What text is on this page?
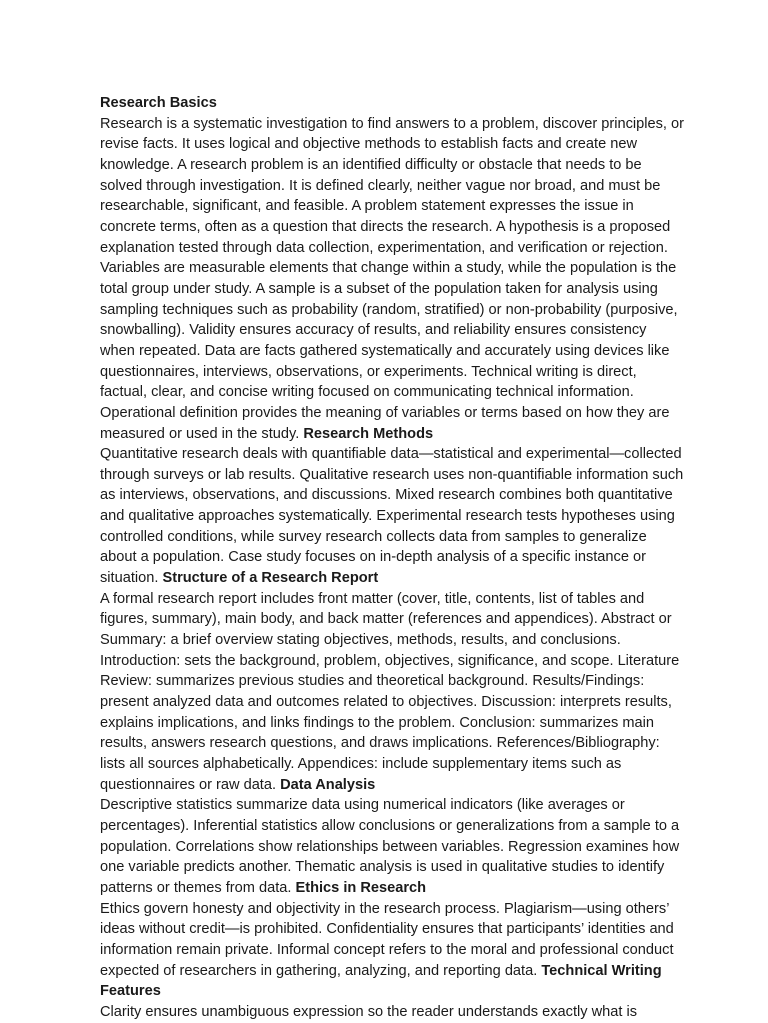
Research Basics
Research is a systematic investigation to find answers to a problem, discover principles, or
revise facts. It uses logical and objective methods to establish facts and create new
knowledge. A research problem is an identified difficulty or obstacle that needs to be
solved through investigation. It is defined clearly, neither vague nor broad, and must be
researchable, significant, and feasible. A problem statement expresses the issue in
concrete terms, often as a question that directs the research. A hypothesis is a proposed
explanation tested through data collection, experimentation, and verification or rejection.
Variables are measurable elements that change within a study, while the population is the
total group under study. A sample is a subset of the population taken for analysis using
sampling techniques such as probability (random, stratified) or non-probability (purposive,
snowballing). Validity ensures accuracy of results, and reliability ensures consistency
when repeated. Data are facts gathered systematically and accurately using devices like
questionnaires, interviews, observations, or experiments. Technical writing is direct,
factual, clear, and concise writing focused on communicating technical information.
Operational definition provides the meaning of variables or terms based on how they are
measured or used in the study. Research Methods
Quantitative research deals with quantifiable data—statistical and experimental—collected
through surveys or lab results. Qualitative research uses non-quantifiable information such
as interviews, observations, and discussions. Mixed research combines both quantitative
and qualitative approaches systematically. Experimental research tests hypotheses using
controlled conditions, while survey research collects data from samples to generalize
about a population. Case study focuses on in-depth analysis of a specific instance or
situation. Structure of a Research Report
A formal research report includes front matter (cover, title, contents, list of tables and
figures, summary), main body, and back matter (references and appendices). Abstract or
Summary: a brief overview stating objectives, methods, results, and conclusions.
Introduction: sets the background, problem, objectives, significance, and scope. Literature
Review: summarizes previous studies and theoretical background. Results/Findings:
present analyzed data and outcomes related to objectives. Discussion: interprets results,
explains implications, and links findings to the problem. Conclusion: summarizes main
results, answers research questions, and draws implications. References/Bibliography:
lists all sources alphabetically. Appendices: include supplementary items such as
questionnaires or raw data. Data Analysis
Descriptive statistics summarize data using numerical indicators (like averages or
percentages). Inferential statistics allow conclusions or generalizations from a sample to a
population. Correlations show relationships between variables. Regression examines how
one variable predicts another. Thematic analysis is used in qualitative studies to identify
patterns or themes from data. Ethics in Research
Ethics govern honesty and objectivity in the research process. Plagiarism—using others’
ideas without credit—is prohibited. Confidentiality ensures that participants’ identities and
information remain private. Informal concept refers to the moral and professional conduct
expected of researchers in gathering, analyzing, and reporting data. Technical Writing
Features
Clarity ensures unambiguous expression so the reader understands exactly what is
